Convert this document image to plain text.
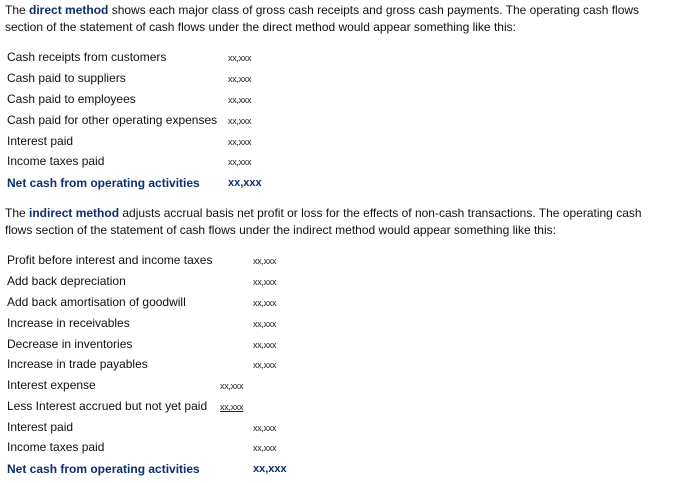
The direct method shows each major class of gross cash receipts and gross cash payments. The operating cash flows section of the statement of cash flows under the direct method would appear something like this:
Cash receipts from customers	xx,xxx
Cash paid to suppliers	xx,xxx
Cash paid to employees	xx,xxx
Cash paid for other operating expenses xx,xxx
Interest paid	xx,xxx
Income taxes paid	xx,xxx
Net cash from operating activities	xx,xxx
The indirect method adjusts accrual basis net profit or loss for the effects of non-cash transactions. The operating cash flows section of the statement of cash flows under the indirect method would appear something like this:
Profit before interest and income taxes	xx,xxx
Add back depreciation	xx,xxx
Add back amortisation of goodwill	xx,xxx
Increase in receivables	xx,xxx
Decrease in inventories	xx,xxx
Increase in trade payables	xx,xxx
Interest expense	xx,xxx
Less Interest accrued but not yet paid xx,xxx
Interest paid	xx,xxx
Income taxes paid	xx,xxx
Net cash from operating activities	xx,xxx
